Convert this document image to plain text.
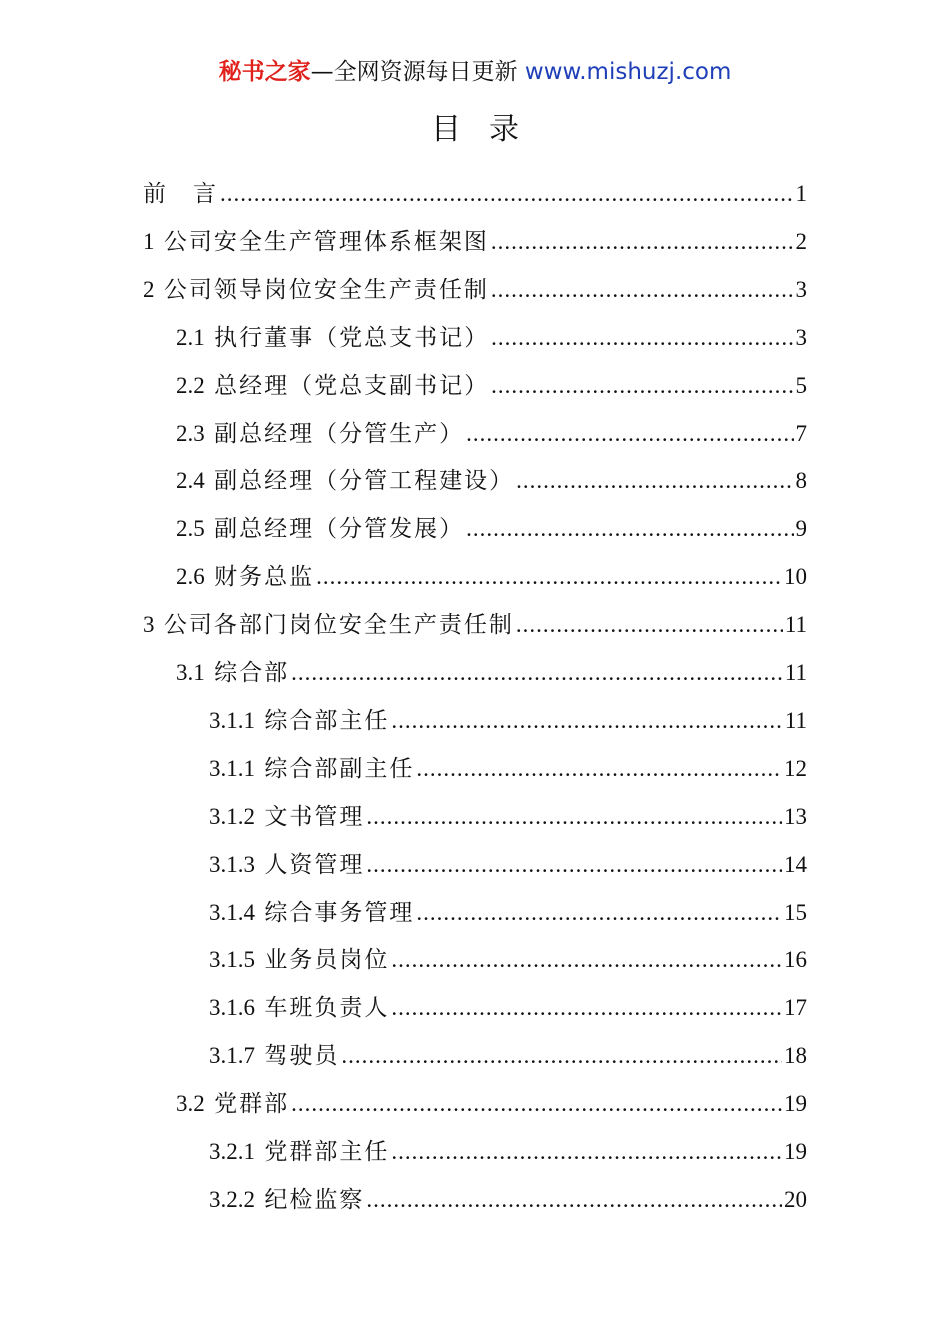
秘书之家—全网资源每日更新 www.mishuzj.com
目录
前　言 .....	1
1 公司安全生产管理体系框架图 .....	2
2 公司领导岗位安全生产责任制 .....	3
2.1 执行董事（党总支书记） .....	3
2.2 总经理（党总支副书记） .....	5
2.3 副总经理（分管生产） .....	7
2.4 副总经理（分管工程建设） .....	8
2.5 副总经理（分管发展） .....	9
2.6 财务总监 .....	10
3 公司各部门岗位安全生产责任制 .....	11
3.1 综合部 .....	11
3.1.1 综合部主任 .....	11
3.1.1 综合部副主任 .....	12
3.1.2 文书管理 .....	13
3.1.3 人资管理 .....	14
3.1.4 综合事务管理 .....	15
3.1.5 业务员岗位 .....	16
3.1.6 车班负责人 .....	17
3.1.7 驾驶员 .....	18
3.2 党群部 .....	19
3.2.1 党群部主任 .....	19
3.2.2 纪检监察 .....	20
